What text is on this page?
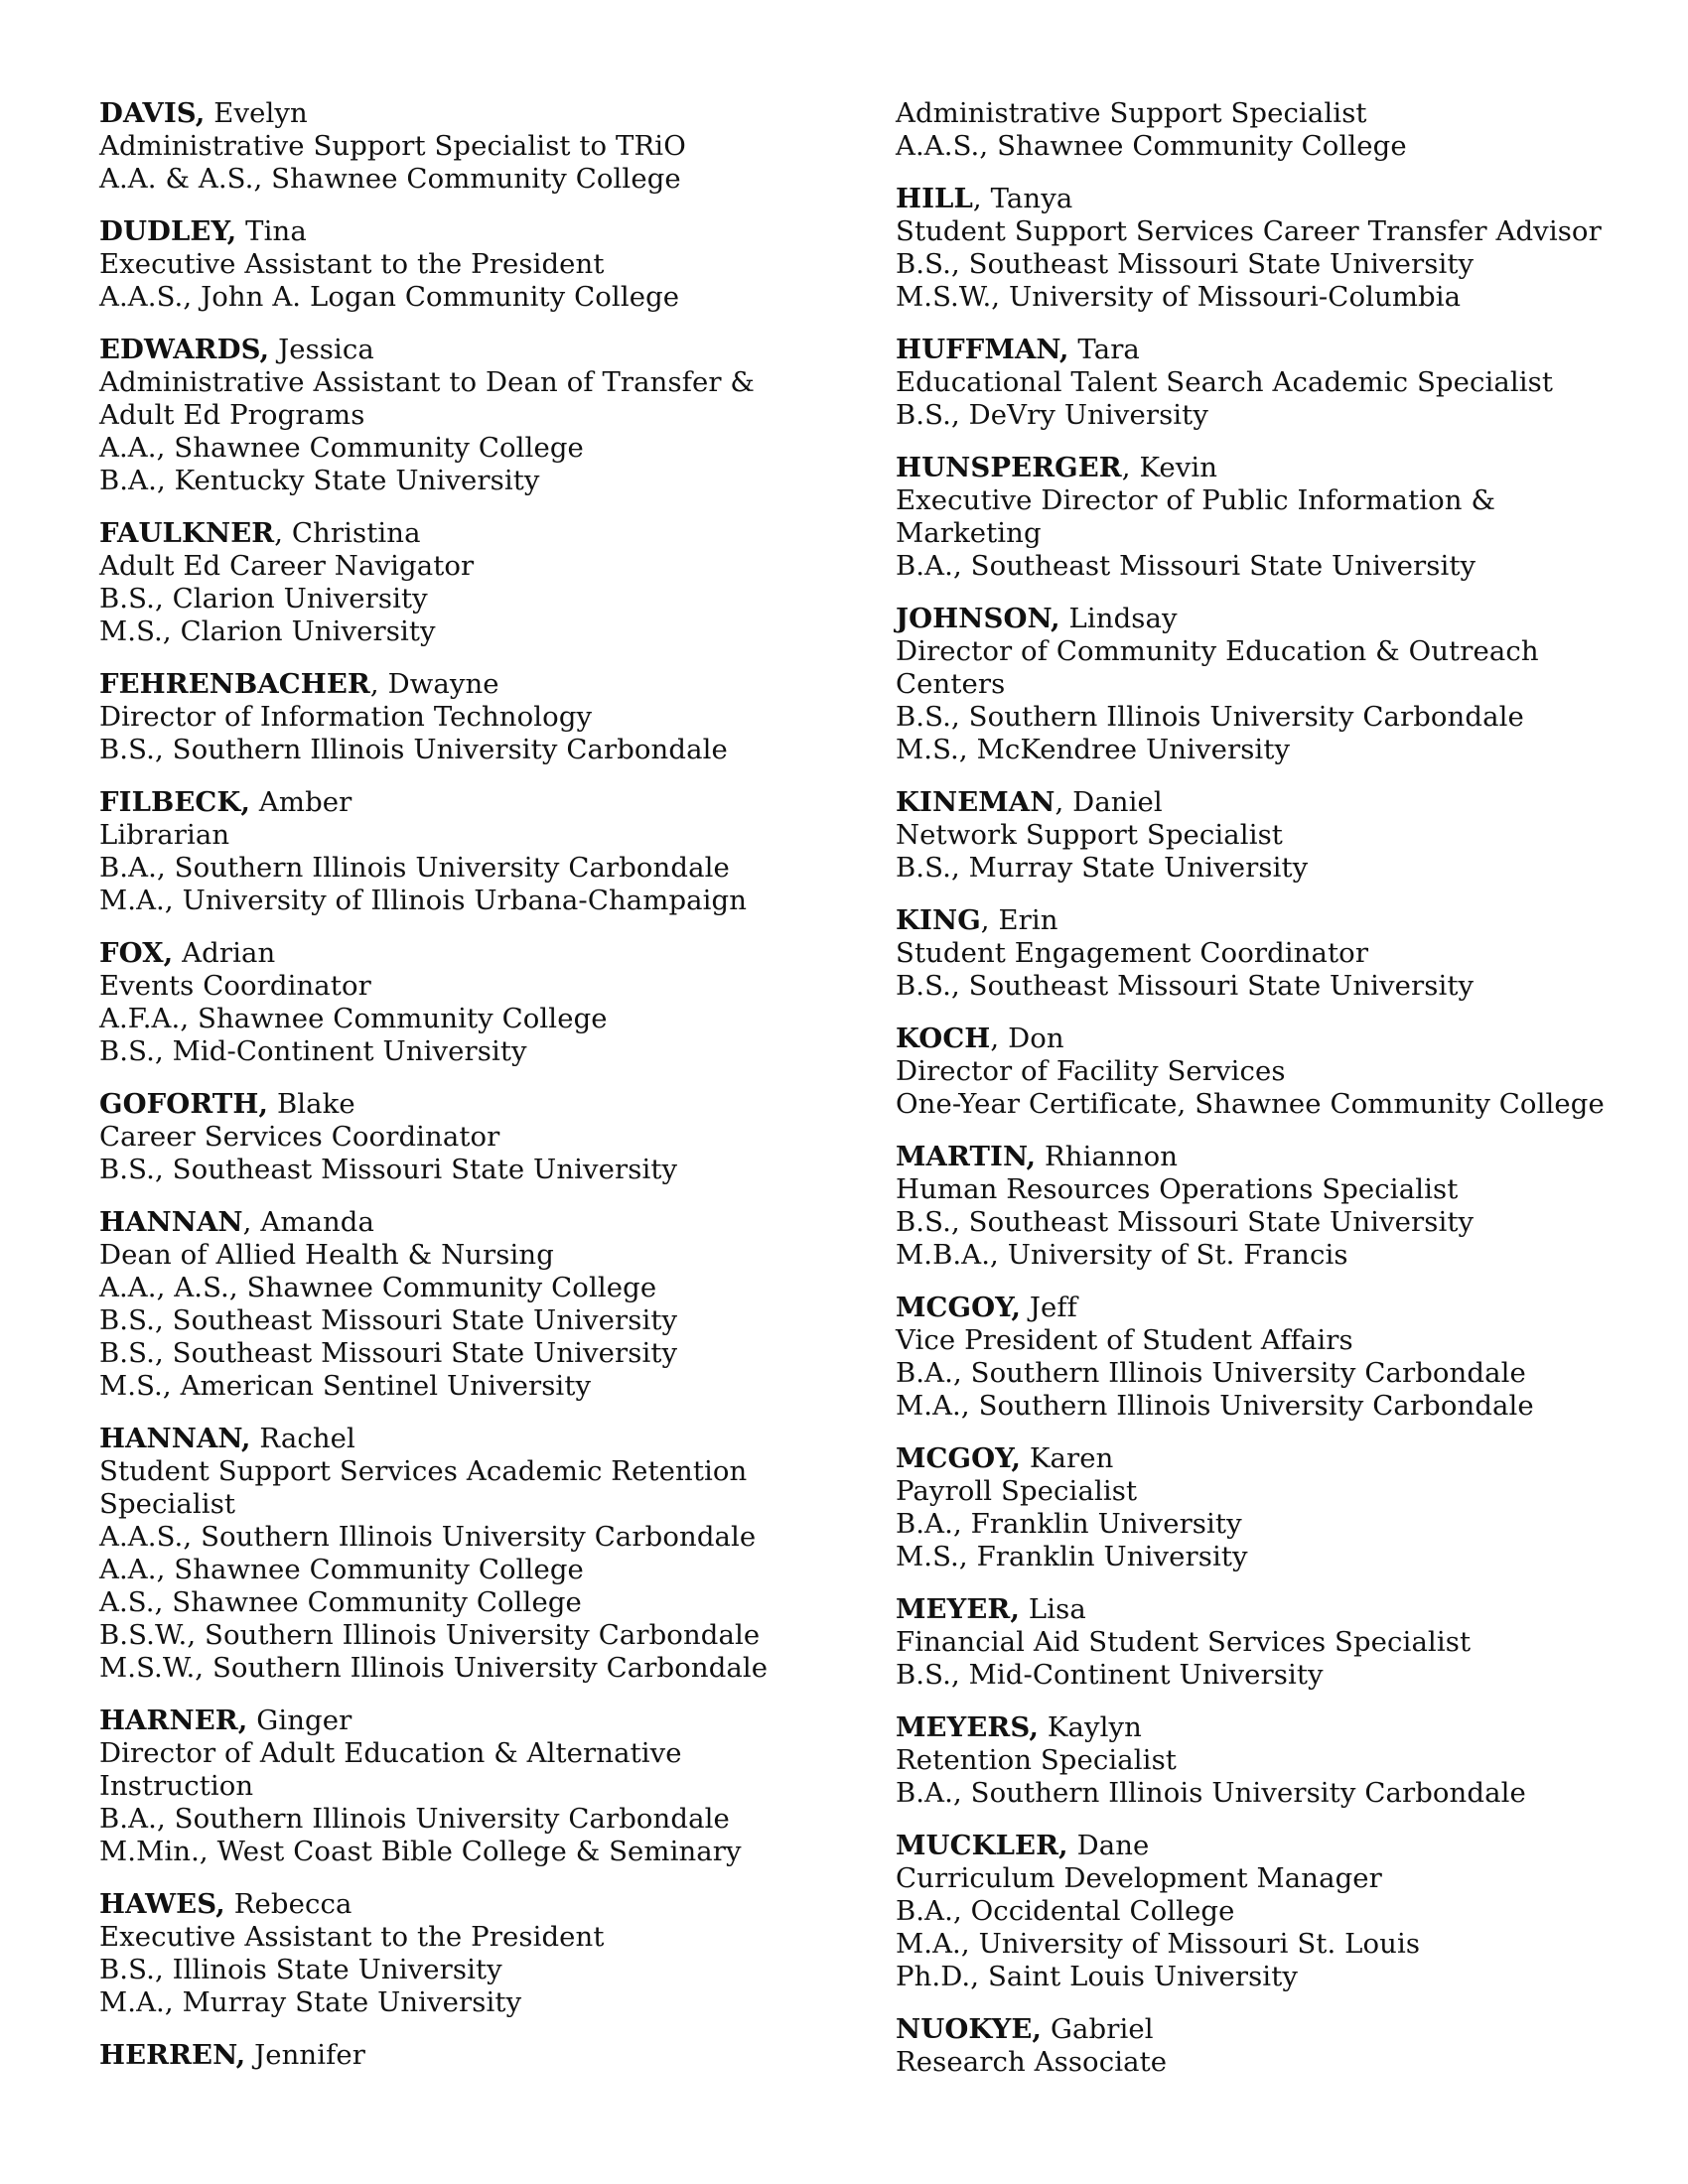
DAVIS, Evelyn
Administrative Support Specialist to TRiO
A.A. & A.S., Shawnee Community College
DUDLEY, Tina
Executive Assistant to the President
A.A.S., John A. Logan Community College
EDWARDS, Jessica
Administrative Assistant to Dean of Transfer &
Adult Ed Programs
A.A., Shawnee Community College
B.A., Kentucky State University
FAULKNER, Christina
Adult Ed Career Navigator
B.S., Clarion University
M.S., Clarion University
FEHRENBACHER, Dwayne
Director of Information Technology
B.S., Southern Illinois University Carbondale
FILBECK, Amber
Librarian
B.A., Southern Illinois University Carbondale
M.A., University of Illinois Urbana-Champaign
FOX, Adrian
Events Coordinator
A.F.A., Shawnee Community College
B.S., Mid-Continent University
GOFORTH, Blake
Career Services Coordinator
B.S., Southeast Missouri State University
HANNAN, Amanda
Dean of Allied Health & Nursing
A.A., A.S., Shawnee Community College
B.S., Southeast Missouri State University
B.S., Southeast Missouri State University
M.S., American Sentinel University
HANNAN, Rachel
Student Support Services Academic Retention
Specialist
A.A.S., Southern Illinois University Carbondale
A.A., Shawnee Community College
A.S., Shawnee Community College
B.S.W., Southern Illinois University Carbondale
M.S.W., Southern Illinois University Carbondale
HARNER, Ginger
Director of Adult Education & Alternative
Instruction
B.A., Southern Illinois University Carbondale
M.Min., West Coast Bible College & Seminary
HAWES, Rebecca
Executive Assistant to the President
B.S., Illinois State University
M.A., Murray State University
HERREN, Jennifer
Administrative Support Specialist
A.A.S., Shawnee Community College
HILL, Tanya
Student Support Services Career Transfer Advisor
B.S., Southeast Missouri State University
M.S.W., University of Missouri-Columbia
HUFFMAN, Tara
Educational Talent Search Academic Specialist
B.S., DeVry University
HUNSPERGER, Kevin
Executive Director of Public Information &
Marketing
B.A., Southeast Missouri State University
JOHNSON, Lindsay
Director of Community Education & Outreach
Centers
B.S., Southern Illinois University Carbondale
M.S., McKendree University
KINEMAN, Daniel
Network Support Specialist
B.S., Murray State University
KING, Erin
Student Engagement Coordinator
B.S., Southeast Missouri State University
KOCH, Don
Director of Facility Services
One-Year Certificate, Shawnee Community College
MARTIN, Rhiannon
Human Resources Operations Specialist
B.S., Southeast Missouri State University
M.B.A., University of St. Francis
MCGOY, Jeff
Vice President of Student Affairs
B.A., Southern Illinois University Carbondale
M.A., Southern Illinois University Carbondale
MCGOY, Karen
Payroll Specialist
B.A., Franklin University
M.S., Franklin University
MEYER, Lisa
Financial Aid Student Services Specialist
B.S., Mid-Continent University
MEYERS, Kaylyn
Retention Specialist
B.A., Southern Illinois University Carbondale
MUCKLER, Dane
Curriculum Development Manager
B.A., Occidental College
M.A., University of Missouri St. Louis
Ph.D., Saint Louis University
NUOKYE, Gabriel
Research Associate
